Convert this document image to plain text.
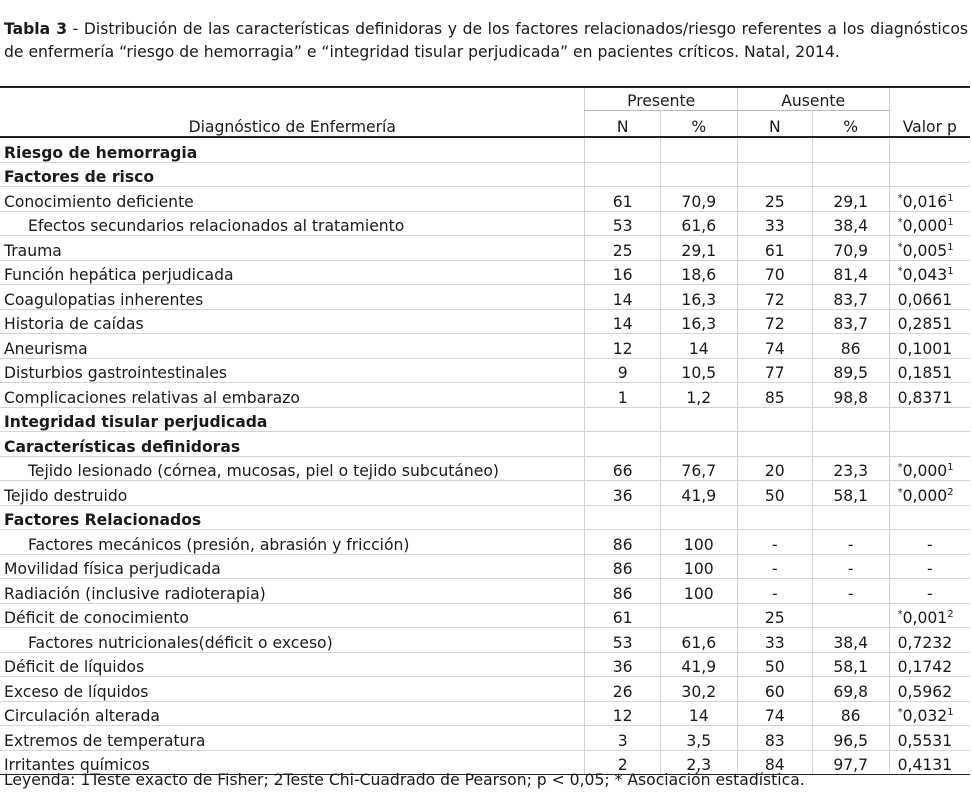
Tabla 3 - Distribución de las características definidoras y de los factores relacionados/riesgo referentes a los diagnósticos de enfermería “riesgo de hemorragia” e “integridad tisular perjudicada” en pacientes críticos. Natal, 2014.
	Presente		Ausente		
Diagnóstico de Enfermería	N	%	N	%	Valor p
Riesgo de hemorragia					
Factores de risco					
Conocimiento deficiente	61	70,9	25	29,1	*0,016$^1$
Efectos secundarios relacionados al tratamiento	53	61,6	33	38,4	*0,000$^1$
Trauma	25	29,1	61	70,9	*0,005$^1$
Función hepática perjudicada	16	18,6	70	81,4	*0,043$^1$
Coagulopatias inherentes	14	16,3	72	83,7	0,0661
Historia de caídas	14	16,3	72	83,7	0,2851
Aneurisma	12	14	74	86	0,1001
Disturbios gastrointestinales	9	10,5	77	89,5	0,1851
Complicaciones relativas al embarazo	1	1,2	85	98,8	0,8371
Integridad tisular perjudicada					
Características definidoras					
Tejido lesionado (córnea, mucosas, piel o tejido subcutáneo)	66	76,7	20	23,3	*0,000$^1$
Tejido destruido	36	41,9	50	58,1	*0,000$^2$
Factores Relacionados					
Factores mecánicos (presión, abrasión y fricción)	86	100	-	-	-
Movilidad física perjudicada	86	100	-	-	-
Radiación (inclusive radioterapia)	86	100	-	-	-
Déficit de conocimiento	61		25		*0,001$^2$
Factores nutricionales(déficit o exceso)	53	61,6	33	38,4	0,7232
Déficit de líquidos	36	41,9	50	58,1	0,1742
Exceso de líquidos	26	30,2	60	69,8	0,5962
Circulación alterada	12	14	74	86	*0,032$^1$
Extremos de temperatura	3	3,5	83	96,5	0,5531
Irritantes químicos	2	2,3	84	97,7	0,4131
Leyenda: 1Teste exacto de Fisher; 2Teste Chi-Cuadrado de Pearson; p < 0,05; * Asociación estadística.
